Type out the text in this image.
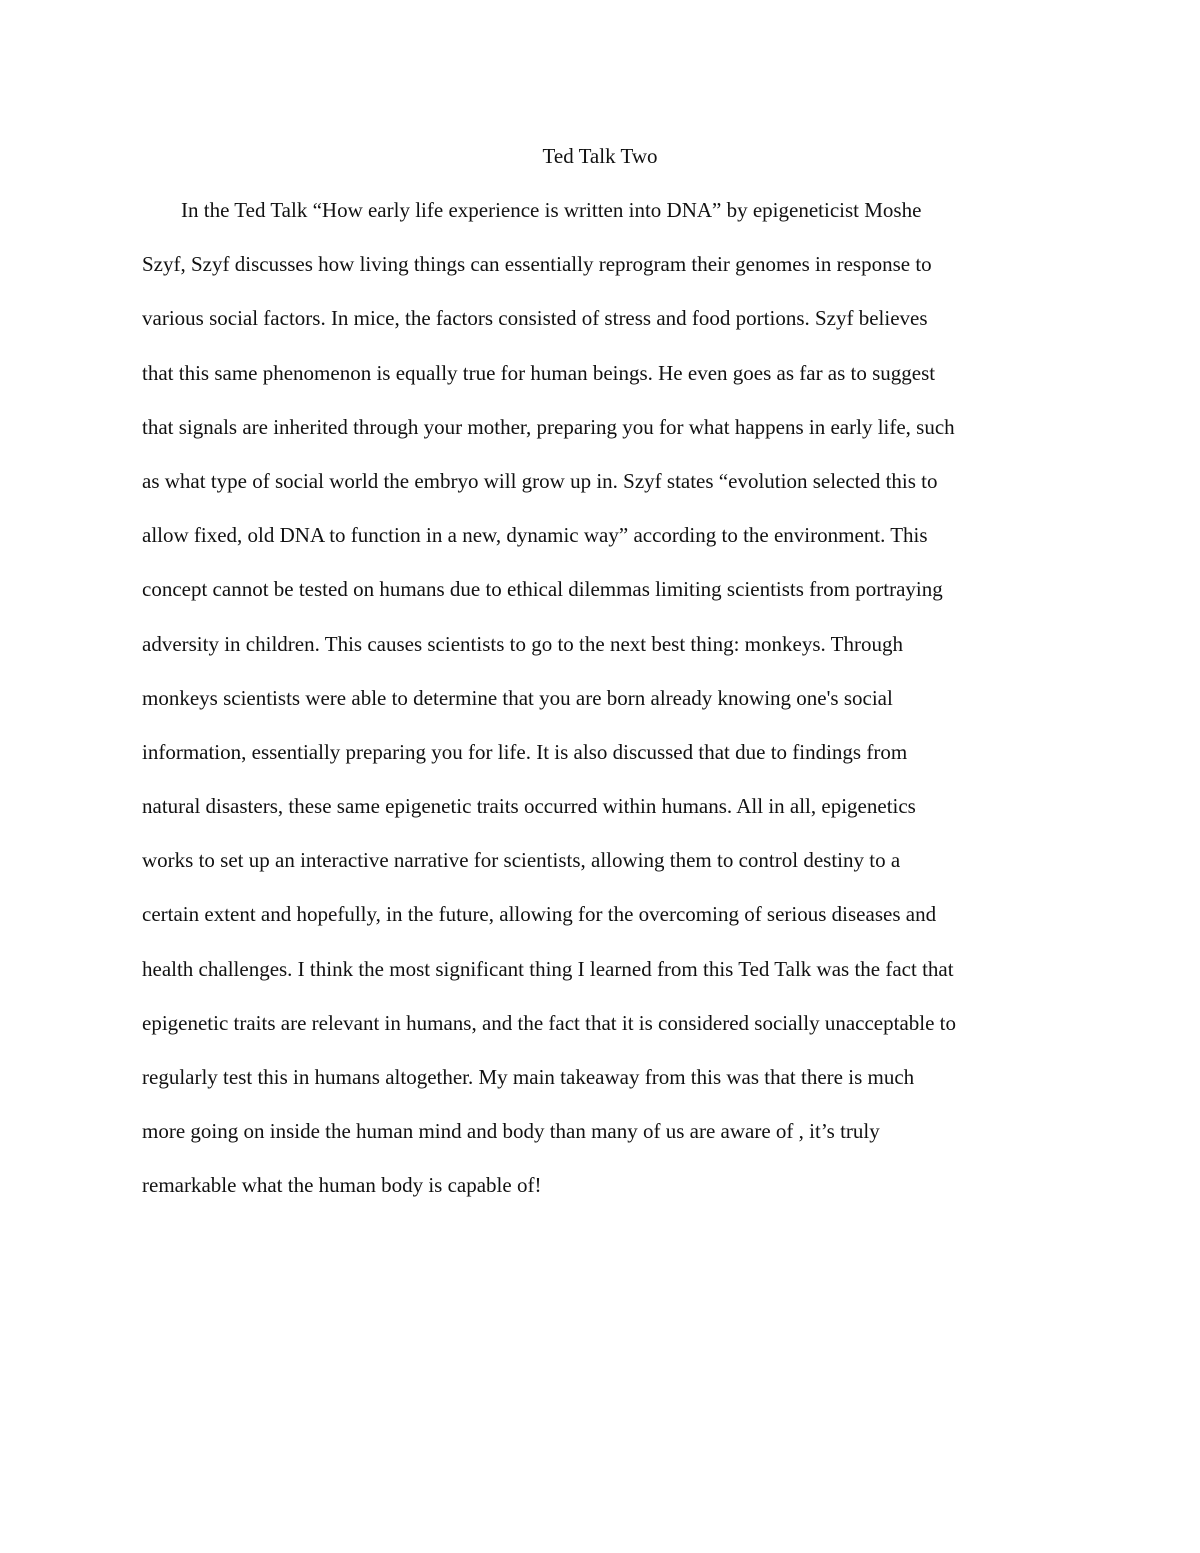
Ted Talk Two
In the Ted Talk “How early life experience is written into DNA” by epigeneticist Moshe
Szyf, Szyf discusses how living things can essentially reprogram their genomes in response to
various social factors. In mice, the factors consisted of stress and food portions. Szyf believes
that this same phenomenon is equally true for human beings. He even goes as far as to suggest
that signals are inherited through your mother, preparing you for what happens in early life, such
as what type of social world the embryo will grow up in. Szyf states “evolution selected this to
allow fixed, old DNA to function in a new, dynamic way” according to the environment. This
concept cannot be tested on humans due to ethical dilemmas limiting scientists from portraying
adversity in children. This causes scientists to go to the next best thing: monkeys. Through
monkeys scientists were able to determine that you are born already knowing one's social
information, essentially preparing you for life. It is also discussed that due to findings from
natural disasters, these same epigenetic traits occurred within humans. All in all, epigenetics
works to set up an interactive narrative for scientists, allowing them to control destiny to a
certain extent and hopefully, in the future, allowing for the overcoming of serious diseases and
health challenges. I think the most significant thing I learned from this Ted Talk was the fact that
epigenetic traits are relevant in humans, and the fact that it is considered socially unacceptable to
regularly test this in humans altogether. My main takeaway from this was that there is much
more going on inside the human mind and body than many of us are aware of , it’s truly
remarkable what the human body is capable of!
